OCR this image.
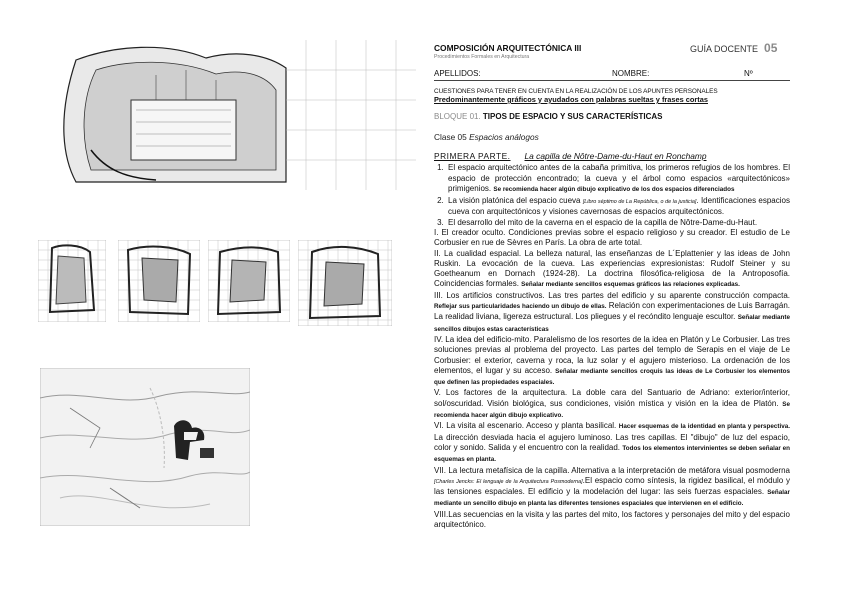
COMPOSICIÓN ARQUITECTÓNICA III
Procedimientos Formales en Arquitectura
GUÍA DOCENTE 05
APELLIDOS:	NOMBRE:	Nº
CUESTIONES PARA TENER EN CUENTA EN LA REALIZACIÓN DE LOS APUNTES PERSONALES
Predominantemente gráficos y ayudados con palabras sueltas y frases cortas
BLOQUE 01. TIPOS DE ESPACIO Y SUS CARACTERÍSTICAS
Clase 05 Espacios análogos
PRIMERA PARTE. La capilla de Nôtre-Dame-du-Haut en Ronchamp
1. El espacio arquitectónico antes de la cabaña primitiva, los primeros refugios de los hombres. El espacio de protección encontrado; la cueva y el árbol como espacios «arquitectónicos» primigenios. Se recomienda hacer algún dibujo explicativo de los dos espacios diferenciados
2. La visión platónica del espacio cueva [Libro séptimo de La República, o de la justicia]. Identificaciones espacios cueva con arquitectónicos y visiones cavernosas de espacios arquitectónicos.
3. El desarrollo del mito de la caverna en el espacio de la capilla de Nôtre-Dame-du-Haut.

I. El creador oculto. Condiciones previas sobre el espacio religioso y su creador. El estudio de Le Corbusier en rue de Sèvres en París. La obra de arte total.

II. La cualidad espacial. La belleza natural, las enseñanzas de L´Eplattenier y las ideas de John Ruskin. La evocación de la cueva. Las experiencias expresionistas: Rudolf Steiner y su Goetheanum en Dornach (1924-28). La doctrina filosófica-religiosa de la Antroposofía. Coincidencias formales. Señalar mediante sencillos esquemas gráficos las relaciones explicadas.

III. Los artificios constructivos. Las tres partes del edificio y su aparente construcción compacta. Reflejar sus particularidades haciendo un dibujo de ellas. Relación con experimentaciones de Luis Barragán. La realidad liviana, ligereza estructural. Los pliegues y el recóndito lenguaje escultor. Señalar mediante sencillos dibujos estas características

IV. La idea del edificio-mito. Paralelismo de los resortes de la idea en Platón y Le Corbusier. Las tres soluciones previas al problema del proyecto. Las partes del templo de Serapis en el viaje de Le Corbusier: el exterior, caverna y roca, la luz solar y el agujero misterioso. La ordenación de los elementos, el lugar y su acceso. Señalar mediante sencillos croquis las ideas de Le Corbusier los elementos que definen las propiedades espaciales.

V. Los factores de la arquitectura. La doble cara del Santuario de Adriano: exterior/interior, sol/oscuridad. Visión biológica, sus condiciones, visión mística y visión en la idea de Platón. Se recomienda hacer algún dibujo explicativo.

VI. La visita al escenario. Acceso y planta basilical. Hacer esquemas de la identidad en planta y perspectiva. La dirección desviada hacia el agujero luminoso. Las tres capillas. El "dibujo" de luz del espacio, color y sonido. Salida y el encuentro con la realidad. Todos los elementos intervinientes se deben señalar en esquemas en planta.

VII. La lectura metafísica de la capilla. Alternativa a la interpretación de metáfora visual posmoderna [Charles Jencks: El lenguaje de la Arquitectura Posmoderna].El espacio como síntesis, la rigidez basilical, el módulo y las tensiones espaciales. El edificio y la modelación del lugar: las seis fuerzas espaciales. Señalar mediante un sencillo dibujo en planta las diferentes tensiones espaciales que intervienen en el edificio.

VIII.Las secuencias en la visita y las partes del mito, los factores y personajes del mito y del espacio arquitectónico.
